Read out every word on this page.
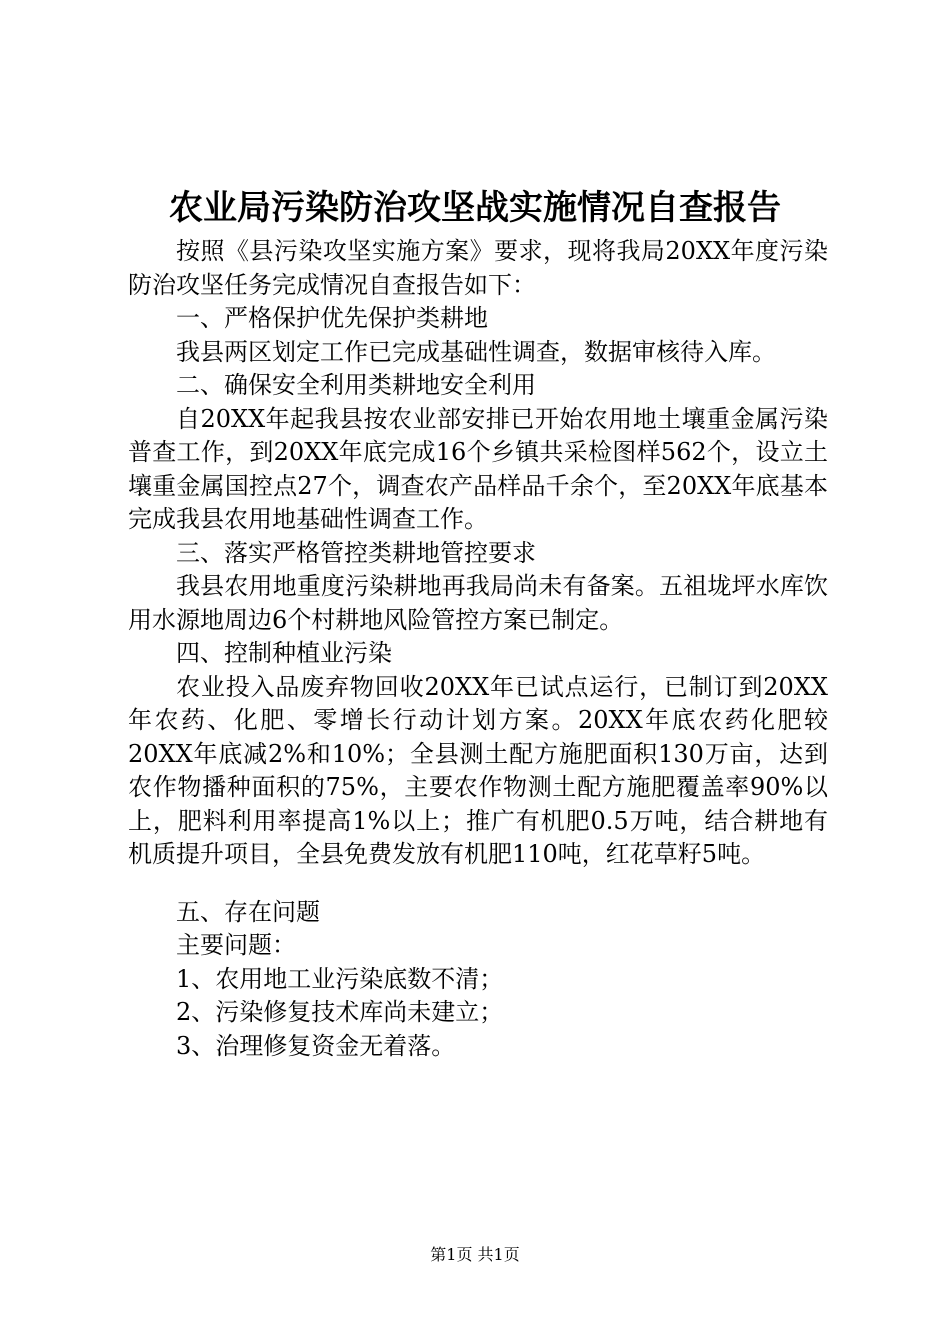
农业局污染防治攻坚战实施情况自查报告

按照《县污染攻坚实施方案》要求，现将我局20XX年度污染防治攻坚任务完成情况自查报告如下：

一、严格保护优先保护类耕地

我县两区划定工作已完成基础性调查，数据审核待入库。

二、确保安全利用类耕地安全利用

自20XX年起我县按农业部安排已开始农用地土壤重金属污染普查工作，到20XX年底完成16个乡镇共采检图样562个，设立土壤重金属国控点27个，调查农产品样品千余个，至20XX年底基本完成我县农用地基础性调查工作。

三、落实严格管控类耕地管控要求

我县农用地重度污染耕地再我局尚未有备案。五祖垅坪水库饮用水源地周边6个村耕地风险管控方案已制定。

四、控制种植业污染

农业投入品废弃物回收20XX年已试点运行，已制订到20XX年农药、化肥、零增长行动计划方案。20XX年底农药化肥较20XX年底减2%和10%；全县测土配方施肥面积130万亩，达到农作物播种面积的75%，主要农作物测土配方施肥覆盖率90%以上，肥料利用率提高1%以上；推广有机肥0.5万吨，结合耕地有机质提升项目，全县免费发放有机肥110吨，红花草籽5吨。

五、存在问题

主要问题：

1、农用地工业污染底数不清；

2、污染修复技术库尚未建立；

3、治理修复资金无着落。

第1页 共1页
